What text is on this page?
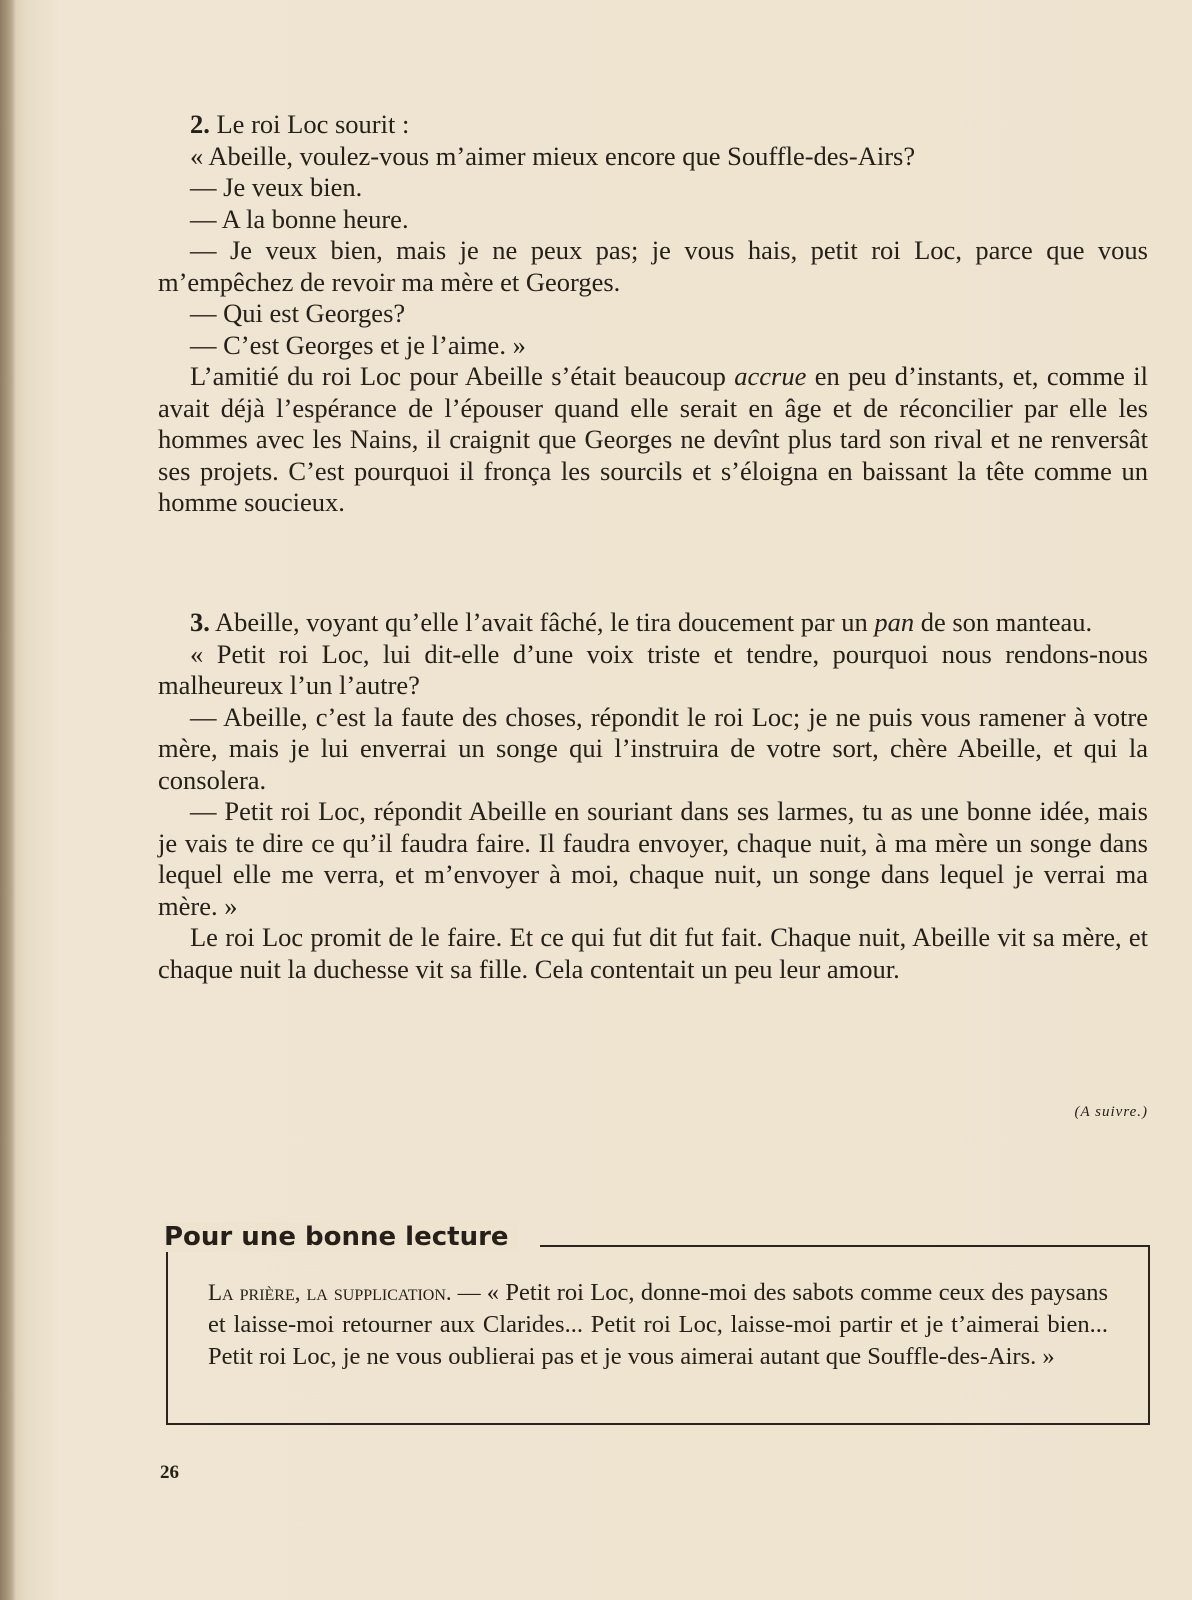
2. Le roi Loc sourit :

« Abeille, voulez-vous m’aimer mieux encore que Souffle-des-Airs?

— Je veux bien.

— A la bonne heure.

— Je veux bien, mais je ne peux pas; je vous hais, petit roi Loc, parce que vous m’empêchez de revoir ma mère et Georges.

— Qui est Georges?

— C’est Georges et je l’aime. »

L’amitié du roi Loc pour Abeille s’était beaucoup accrue en peu d’instants, et, comme il avait déjà l’espérance de l’épouser quand elle serait en âge et de réconcilier par elle les hommes avec les Nains, il craignit que Georges ne devînt plus tard son rival et ne renversât ses projets. C’est pourquoi il fronça les sourcils et s’éloigna en baissant la tête comme un homme soucieux.

3. Abeille, voyant qu’elle l’avait fâché, le tira doucement par un pan de son manteau.

« Petit roi Loc, lui dit-elle d’une voix triste et tendre, pourquoi nous rendons-nous malheureux l’un l’autre?

— Abeille, c’est la faute des choses, répondit le roi Loc; je ne puis vous ramener à votre mère, mais je lui enverrai un songe qui l’instruira de votre sort, chère Abeille, et qui la consolera.

— Petit roi Loc, répondit Abeille en souriant dans ses larmes, tu as une bonne idée, mais je vais te dire ce qu’il faudra faire. Il faudra envoyer, chaque nuit, à ma mère un songe dans lequel elle me verra, et m’envoyer à moi, chaque nuit, un songe dans lequel je verrai ma mère. »

Le roi Loc promit de le faire. Et ce qui fut dit fut fait. Chaque nuit, Abeille vit sa mère, et chaque nuit la duchesse vit sa fille. Cela contentait un peu leur amour.

(A suivre.)
Pour une bonne lecture
La prière, la supplication. — « Petit roi Loc, donne-moi des sabots comme ceux des paysans et laisse-moi retourner aux Clarides... Petit roi Loc, laisse-moi partir et je t’aimerai bien... Petit roi Loc, je ne vous oublierai pas et je vous aimerai autant que Souffle-des-Airs. »
26
